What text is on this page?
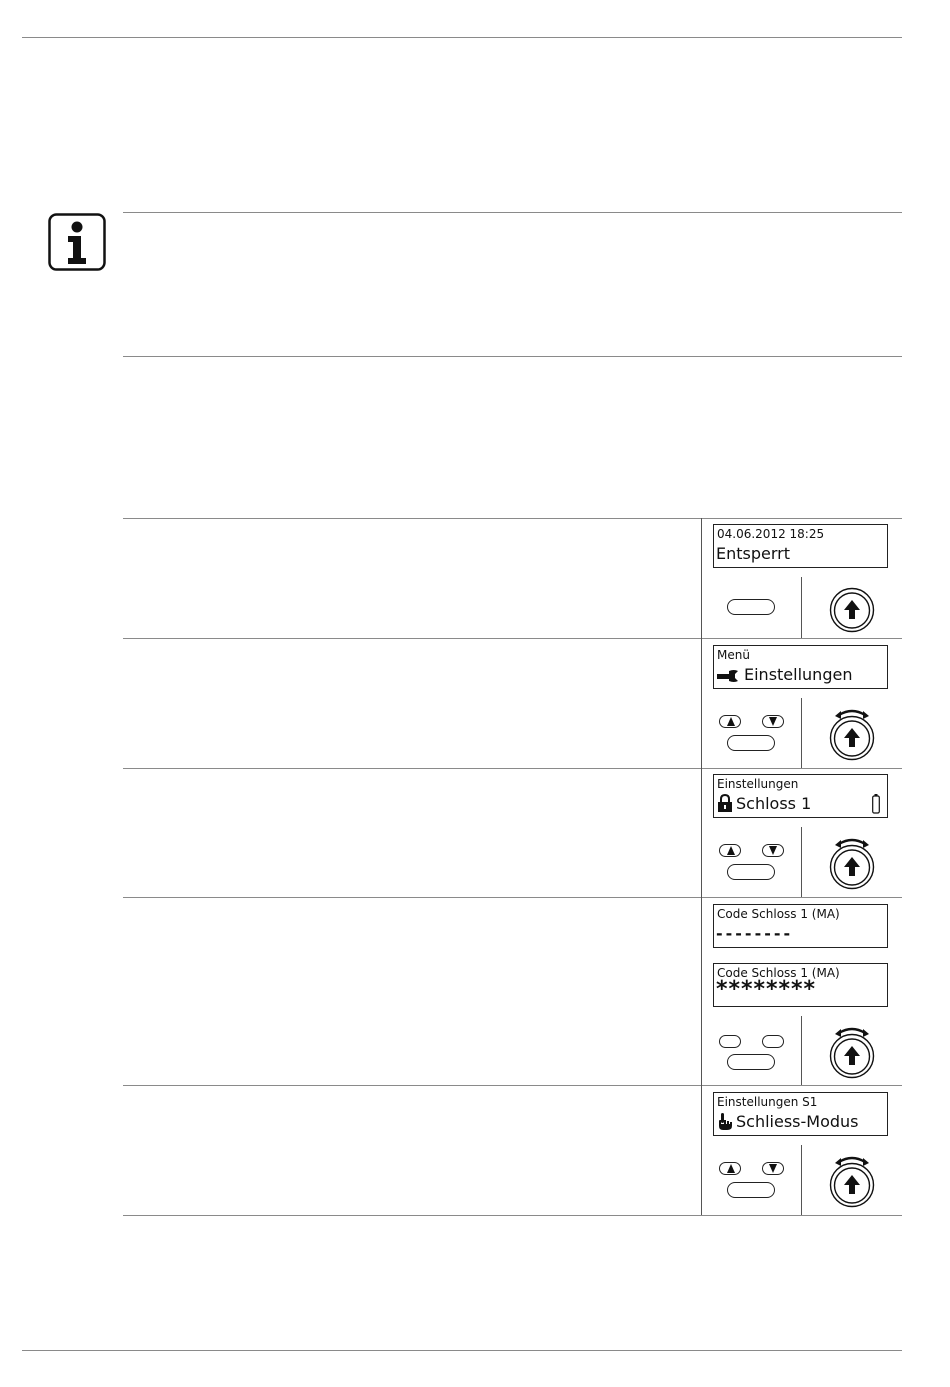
04.06.2012 18:25
Entsperrt
Menü
Einstellungen
Einstellungen
Schloss 1
Code Schloss 1 (MA)
--------
Code Schloss 1 (MA)
********
Einstellungen S1
Schliess-Modus
